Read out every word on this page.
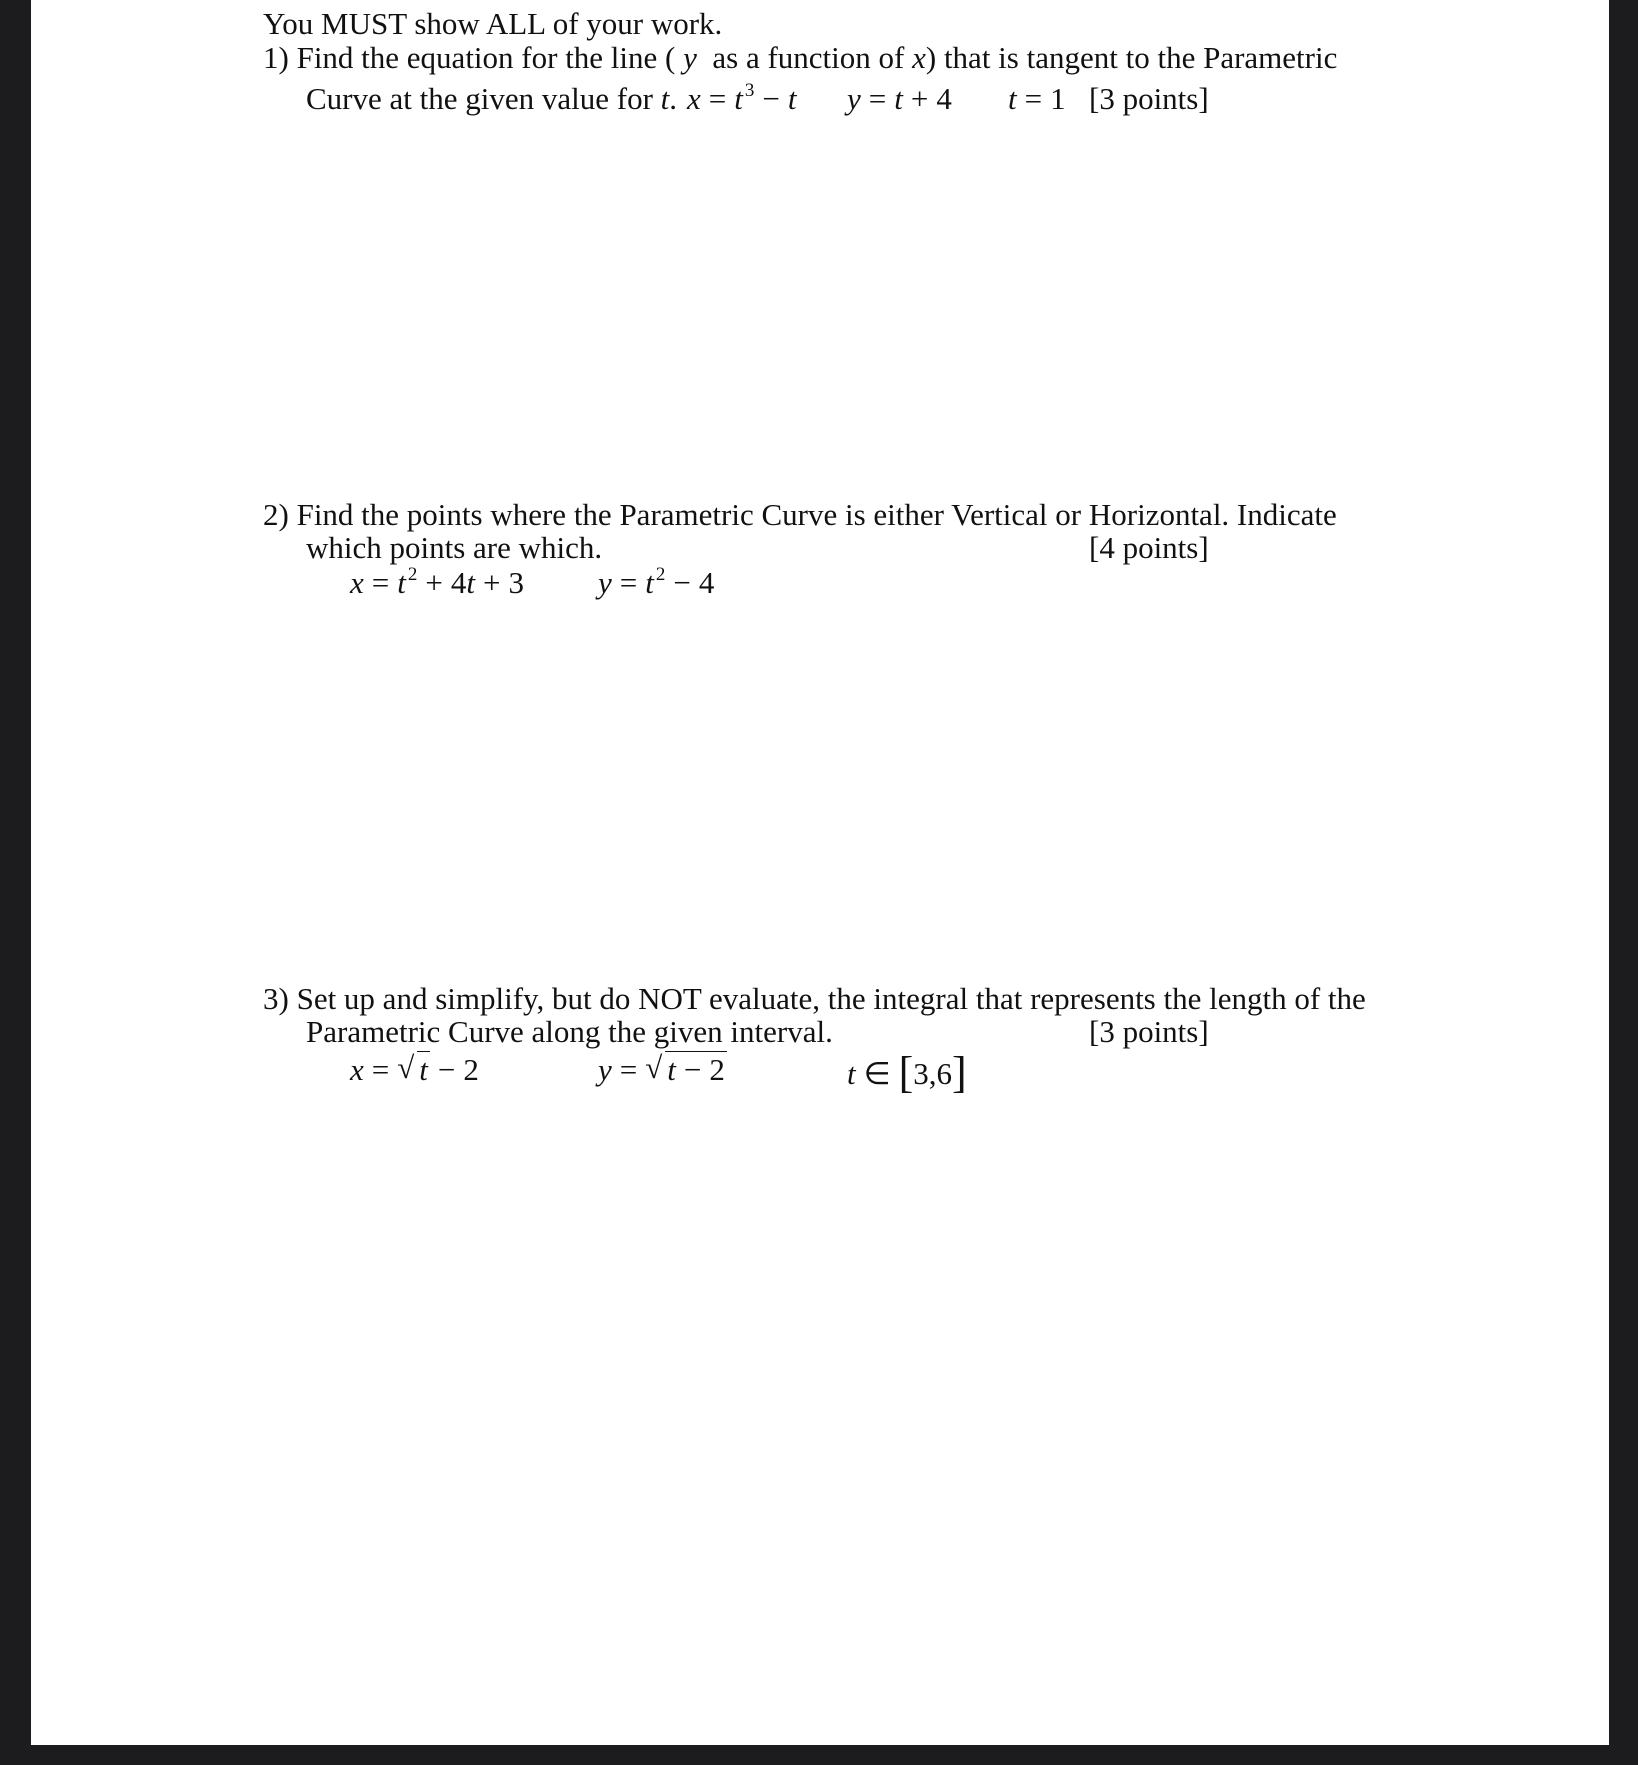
You MUST show ALL of your work.
1) Find the equation for the line ( y as a function of x) that is tangent to the Parametric
Curve at the given value for t. x = t $^3$ − t y = t + 4 t = 1 [3 points]
2) Find the points where the Parametric Curve is either Vertical or Horizontal. Indicate
which points are which.	[4 points]
x = t $^2$ + 4t + 3 y = t $^2$ − 4
3) Set up and simplify, but do NOT evaluate, the integral that represents the length of the
Parametric Curve along the given interval.	[3 points]
x = √ t − 2	y = √ t − 2	t ∈ [3,6]
